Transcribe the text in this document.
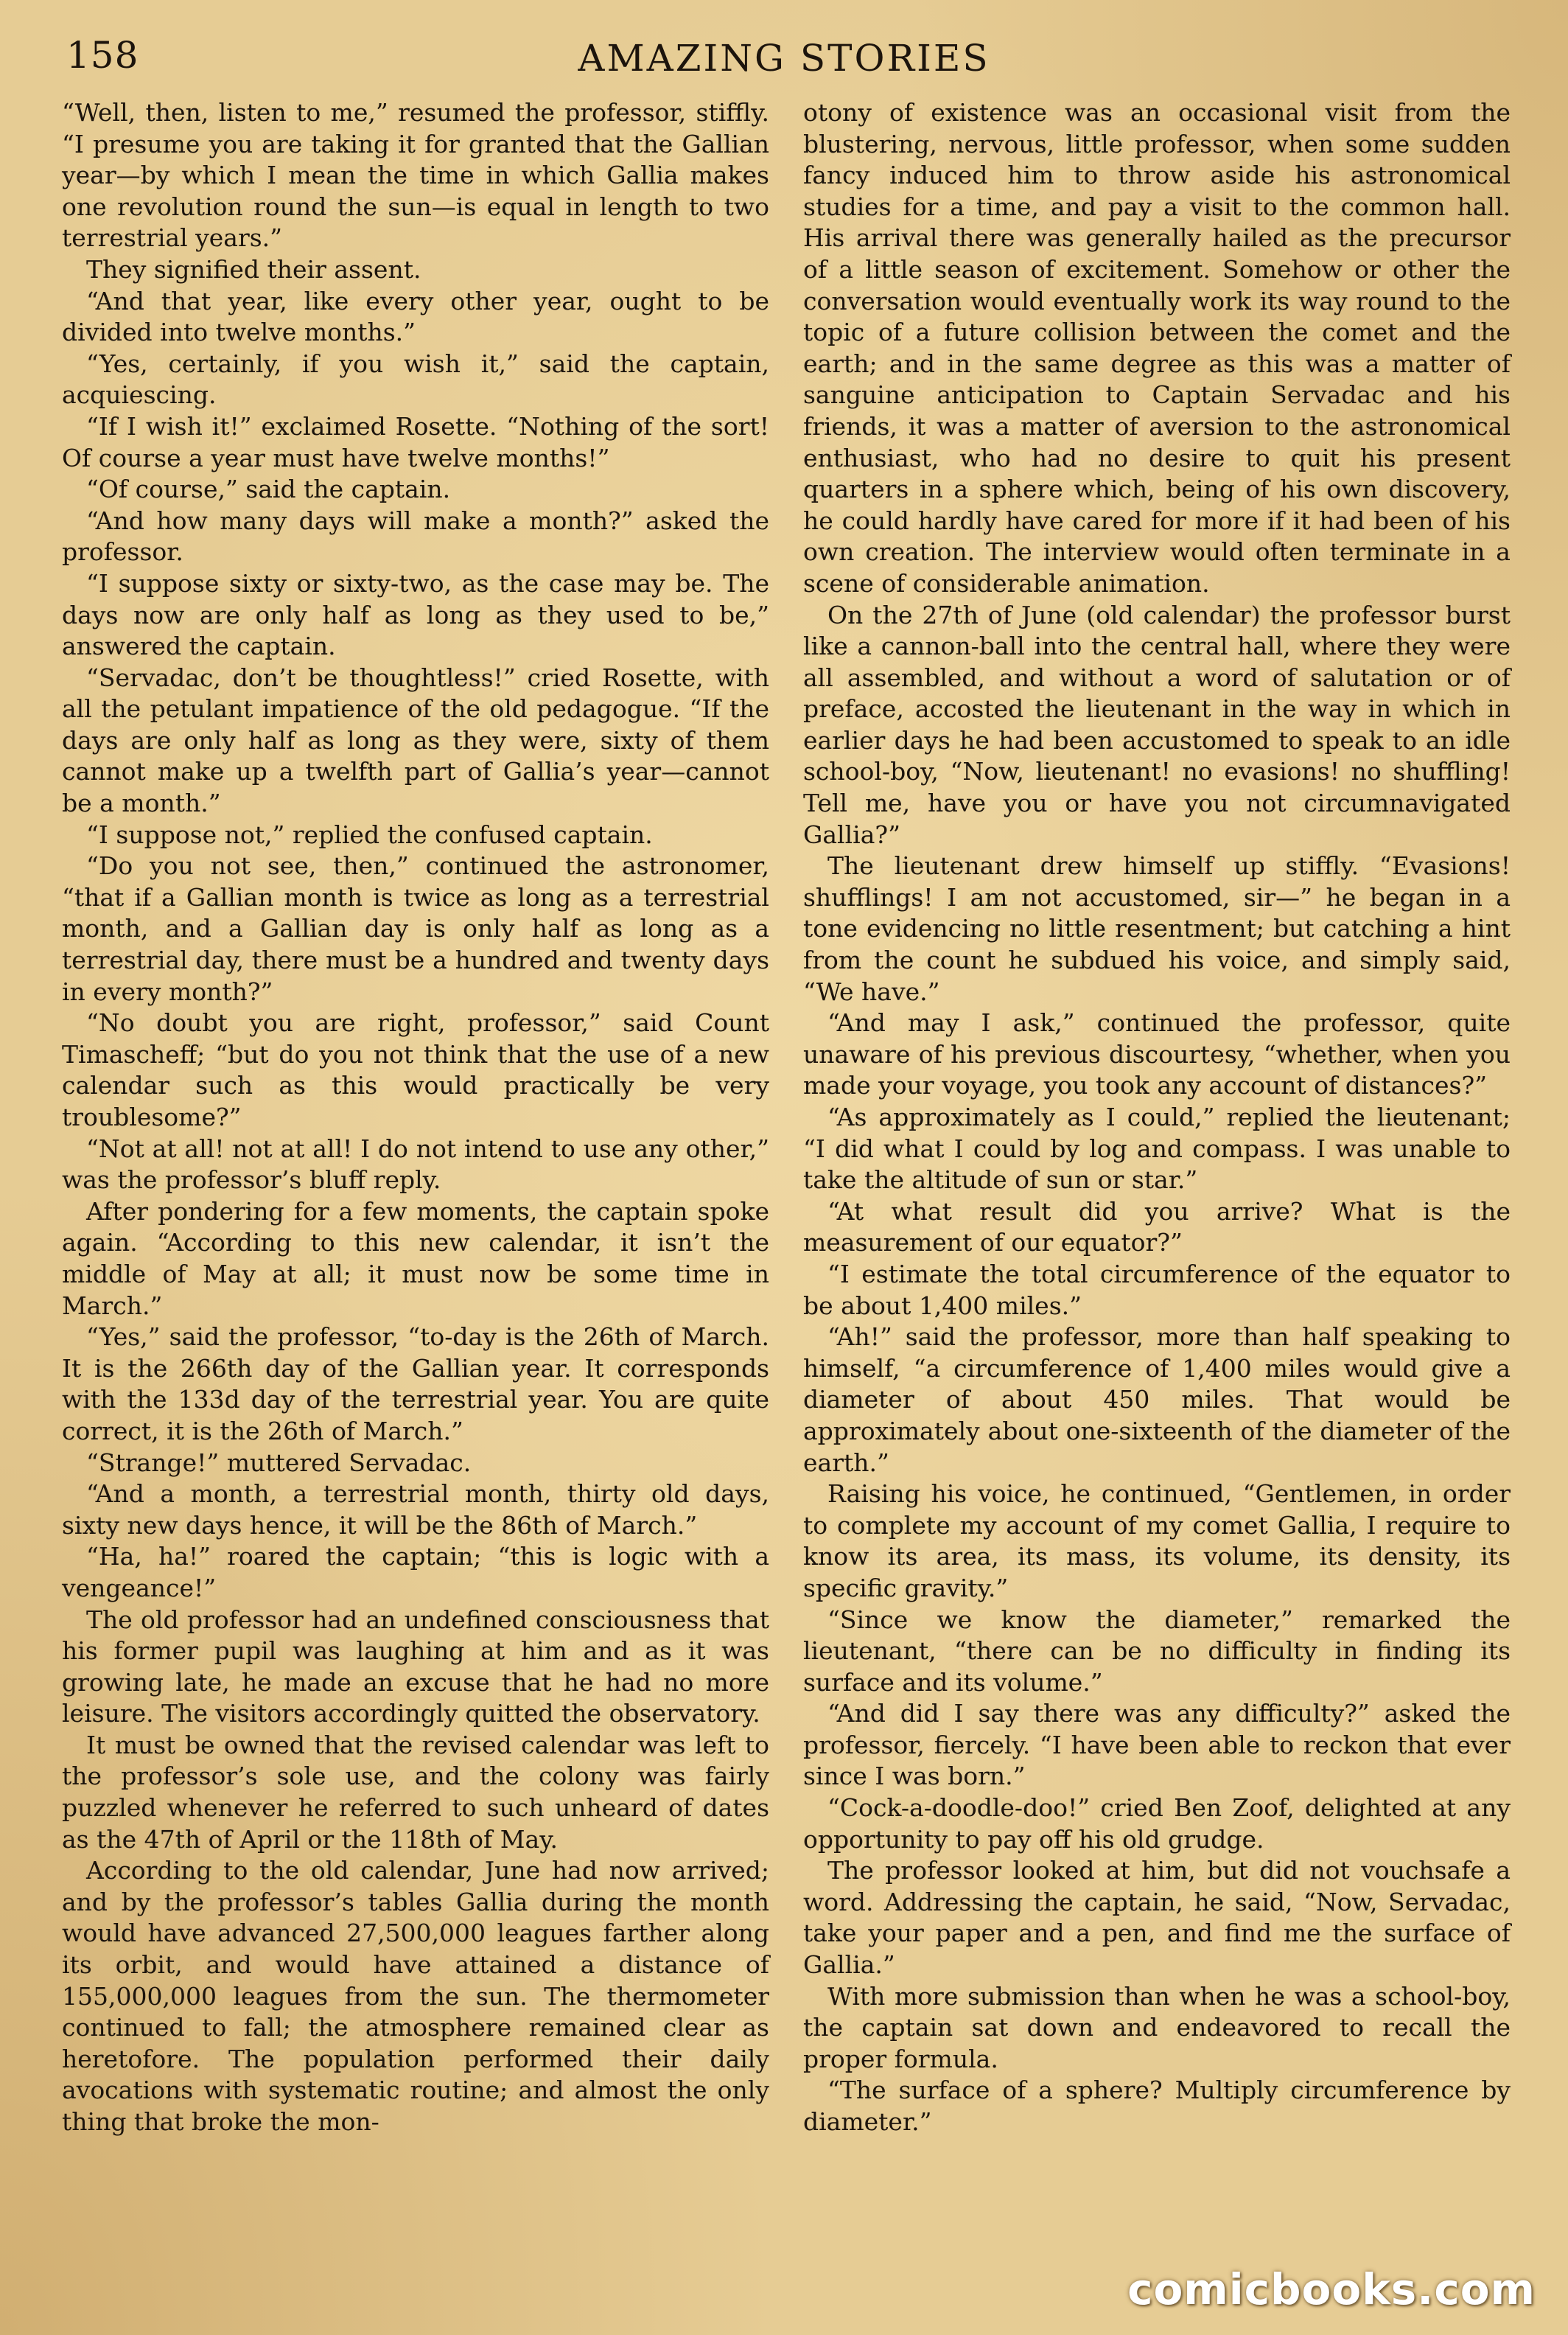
158	AMAZING STORIES

“Well, then, listen to me,” resumed the professor, stiffly. “I presume you are taking it for granted that the Gallian year—by which I mean the time in which Gallia makes one revolution round the sun—is equal in length to two terrestrial years.”

They signified their assent.

“And that year, like every other year, ought to be divided into twelve months.”

“Yes, certainly, if you wish it,” said the captain, acquiescing.

“If I wish it!” exclaimed Rosette. “Nothing of the sort! Of course a year must have twelve months!”

“Of course,” said the captain.

“And how many days will make a month?” asked the professor.

“I suppose sixty or sixty-two, as the case may be. The days now are only half as long as they used to be,” answered the captain.

“Servadac, don’t be thoughtless!” cried Rosette, with all the petulant impatience of the old pedagogue. “If the days are only half as long as they were, sixty of them cannot make up a twelfth part of Gallia’s year—cannot be a month.”

“I suppose not,” replied the confused captain.

“Do you not see, then,” continued the astronomer, “that if a Gallian month is twice as long as a terrestrial month, and a Gallian day is only half as long as a terrestrial day, there must be a hundred and twenty days in every month?”

“No doubt you are right, professor,” said Count Timascheff; “but do you not think that the use of a new calendar such as this would practically be very troublesome?”

“Not at all! not at all! I do not intend to use any other,” was the professor’s bluff reply.

After pondering for a few moments, the captain spoke again. “According to this new calendar, it isn’t the middle of May at all; it must now be some time in March.”

“Yes,” said the professor, “to-day is the 26th of March. It is the 266th day of the Gallian year. It corresponds with the 133d day of the terrestrial year. You are quite correct, it is the 26th of March.”

“Strange!” muttered Servadac.

“And a month, a terrestrial month, thirty old days, sixty new days hence, it will be the 86th of March.”

“Ha, ha!” roared the captain; “this is logic with a vengeance!”

The old professor had an undefined consciousness that his former pupil was laughing at him and as it was growing late, he made an excuse that he had no more leisure. The visitors accordingly quitted the observatory.

It must be owned that the revised calendar was left to the professor’s sole use, and the colony was fairly puzzled whenever he referred to such unheard of dates as the 47th of April or the 118th of May.

According to the old calendar, June had now arrived; and by the professor’s tables Gallia during the month would have advanced 27,500,000 leagues farther along its orbit, and would have attained a distance of 155,000,000 leagues from the sun. The thermometer continued to fall; the atmosphere remained clear as heretofore. The population performed their daily avocations with systematic routine; and almost the only thing that broke the mon-

otony of existence was an occasional visit from the blustering, nervous, little professor, when some sudden fancy induced him to throw aside his astronomical studies for a time, and pay a visit to the common hall. His arrival there was generally hailed as the precursor of a little season of excitement. Somehow or other the conversation would eventually work its way round to the topic of a future collision between the comet and the earth; and in the same degree as this was a matter of sanguine anticipation to Captain Servadac and his friends, it was a matter of aversion to the astronomical enthusiast, who had no desire to quit his present quarters in a sphere which, being of his own discovery, he could hardly have cared for more if it had been of his own creation. The interview would often terminate in a scene of considerable animation.

On the 27th of June (old calendar) the professor burst like a cannon-ball into the central hall, where they were all assembled, and without a word of salutation or of preface, accosted the lieutenant in the way in which in earlier days he had been accustomed to speak to an idle school-boy, “Now, lieutenant! no evasions! no shuffling! Tell me, have you or have you not circumnavigated Gallia?”

The lieutenant drew himself up stiffly. “Evasions! shufflings! I am not accustomed, sir—” he began in a tone evidencing no little resentment; but catching a hint from the count he subdued his voice, and simply said, “We have.”

“And may I ask,” continued the professor, quite unaware of his previous discourtesy, “whether, when you made your voyage, you took any account of distances?”

“As approximately as I could,” replied the lieutenant; “I did what I could by log and compass. I was unable to take the altitude of sun or star.”

“At what result did you arrive? What is the measurement of our equator?”

“I estimate the total circumference of the equator to be about 1,400 miles.”

“Ah!” said the professor, more than half speaking to himself, “a circumference of 1,400 miles would give a diameter of about 450 miles. That would be approximately about one-sixteenth of the diameter of the earth.”

Raising his voice, he continued, “Gentlemen, in order to complete my account of my comet Gallia, I require to know its area, its mass, its volume, its density, its specific gravity.”

“Since we know the diameter,” remarked the lieutenant, “there can be no difficulty in finding its surface and its volume.”

“And did I say there was any difficulty?” asked the professor, fiercely. “I have been able to reckon that ever since I was born.”

“Cock-a-doodle-doo!” cried Ben Zoof, delighted at any opportunity to pay off his old grudge.

The professor looked at him, but did not vouchsafe a word. Addressing the captain, he said, “Now, Servadac, take your paper and a pen, and find me the surface of Gallia.”

With more submission than when he was a school-boy, the captain sat down and endeavored to recall the proper formula.

“The surface of a sphere? Multiply circumference by diameter.”

comicbooks.com
